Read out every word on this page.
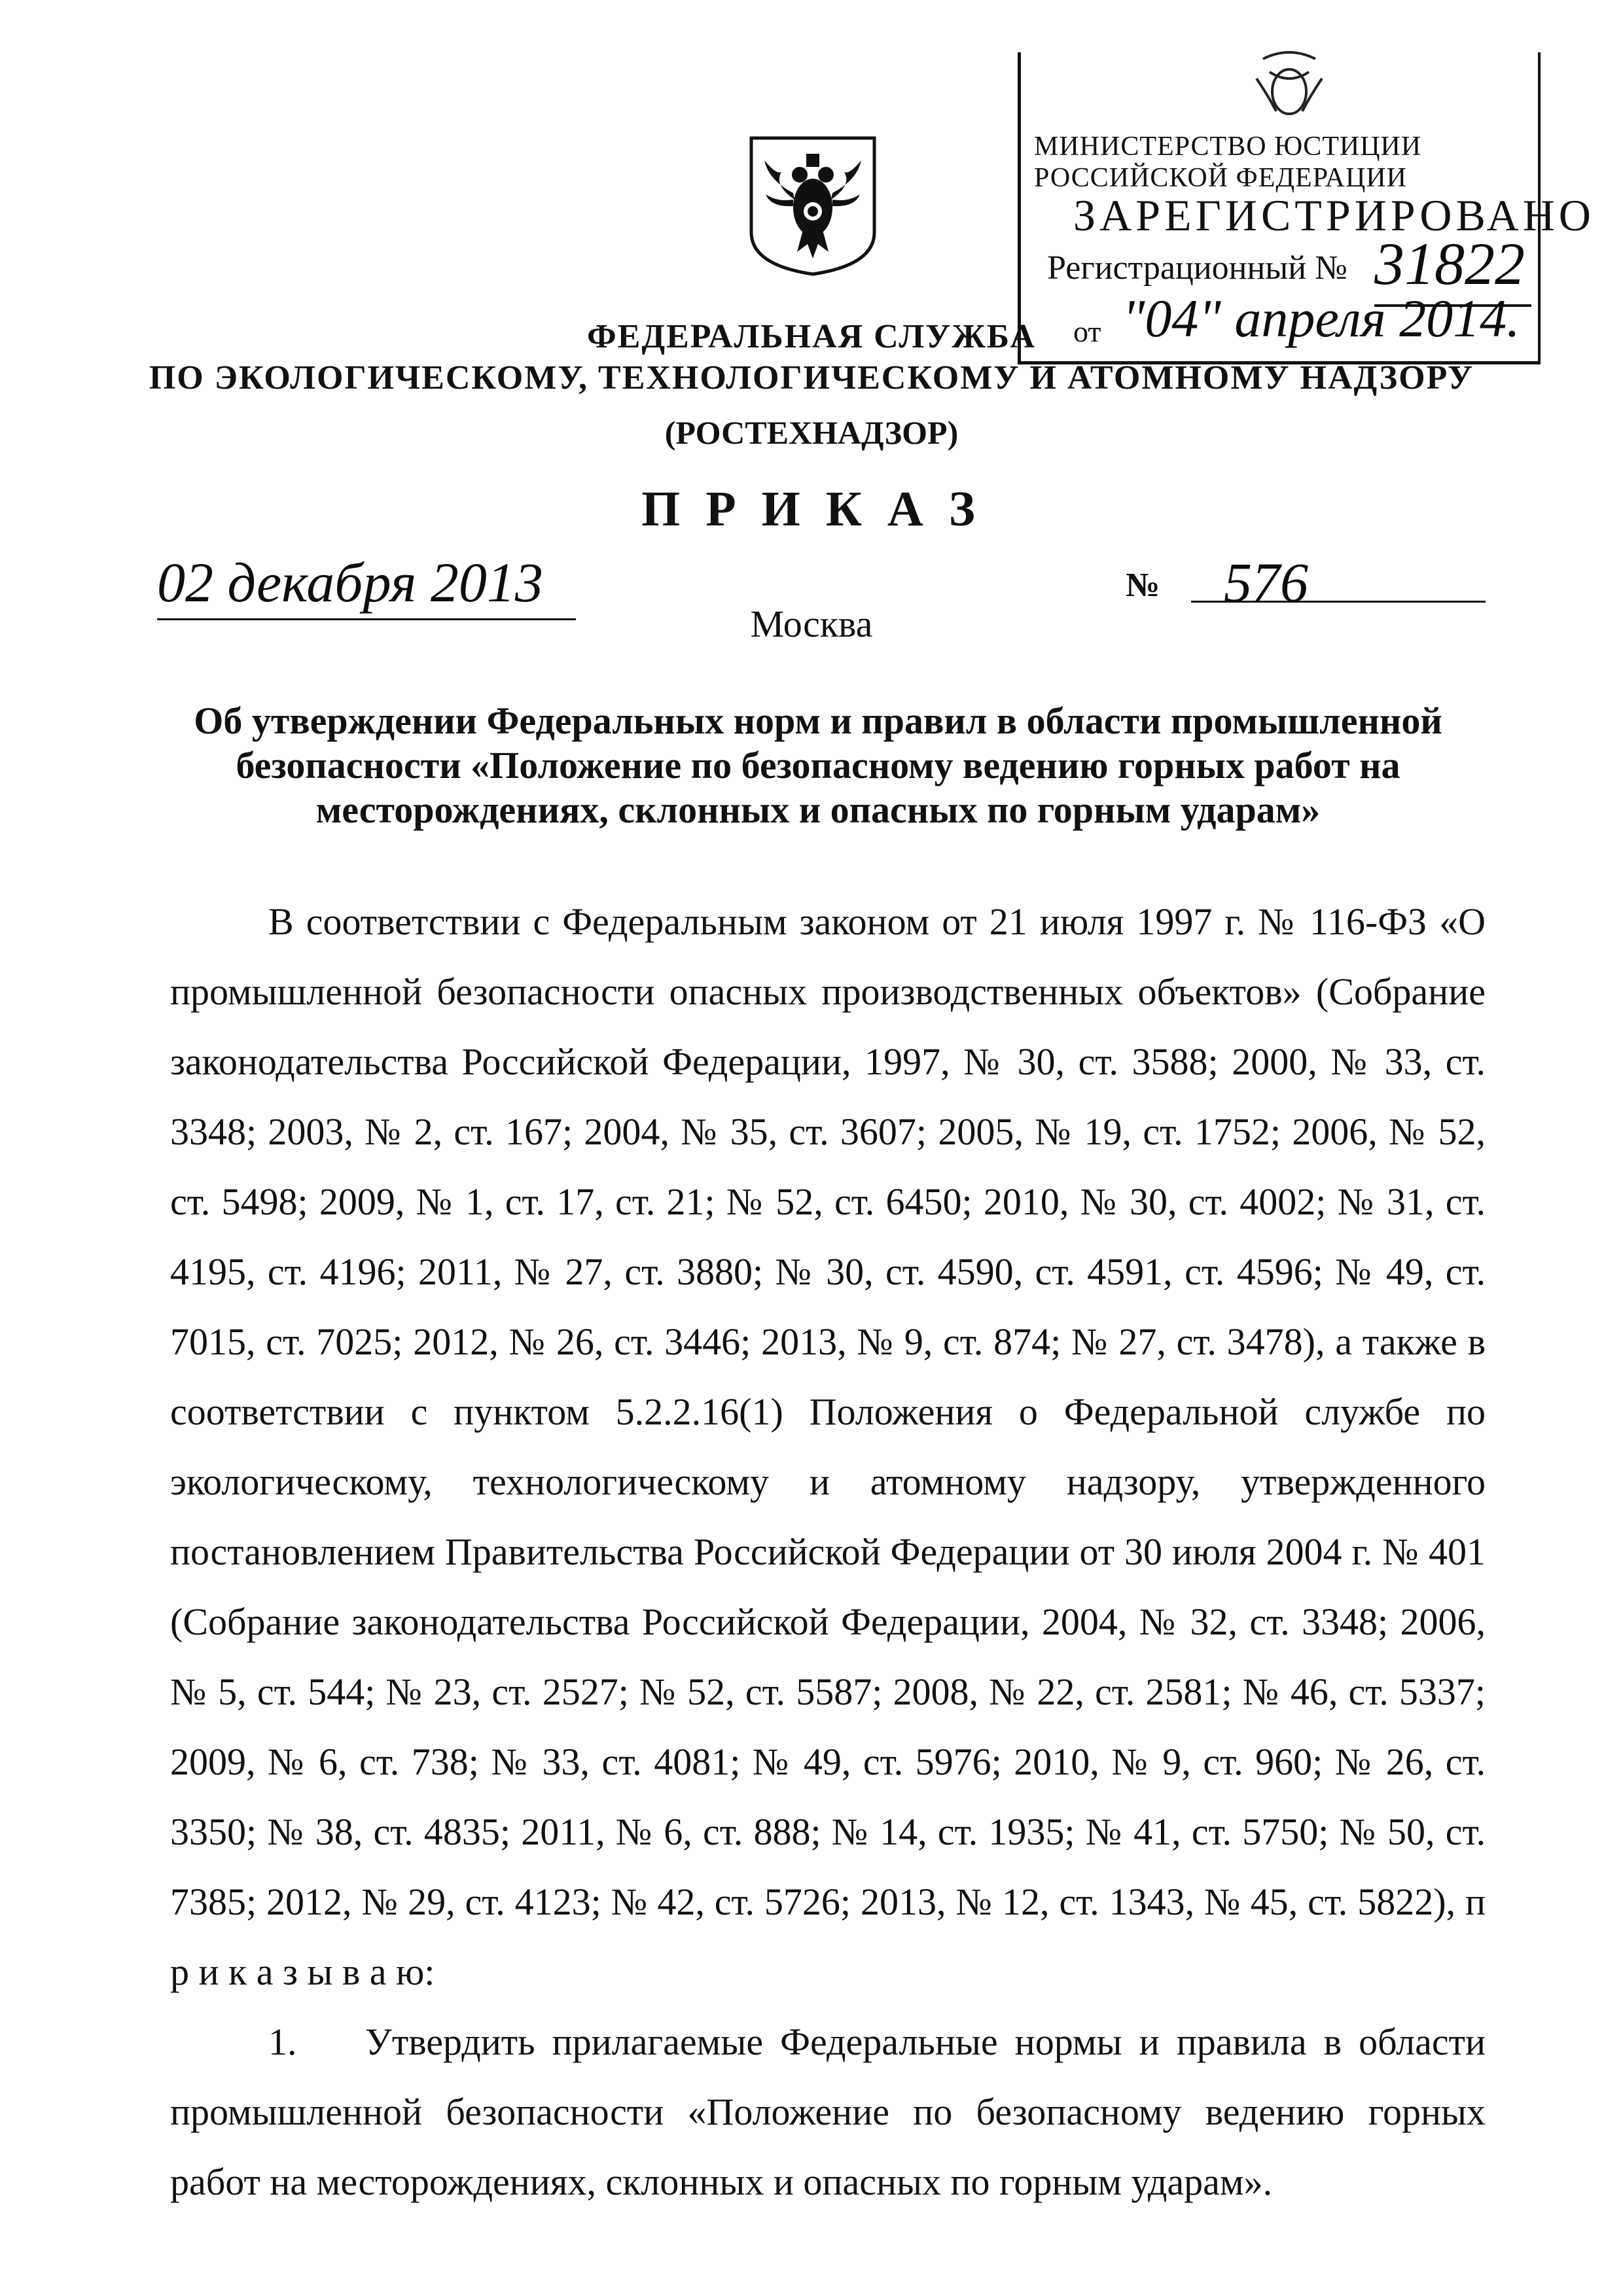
МИНИСТЕРСТВО ЮСТИЦИИ РОССИЙСКОЙ ФЕДЕРАЦИИ
ЗАРЕГИСТРИРОВАНО
Регистрационный № 31822
от "04" апреля 2014.
ФЕДЕРАЛЬНАЯ СЛУЖБА
ПО ЭКОЛОГИЧЕСКОМУ, ТЕХНОЛОГИЧЕСКОМУ И АТОМНОМУ НАДЗОРУ
(РОСТЕХНАДЗОР)
П Р И К А З
02 декабря 2013	№ 576
Москва
Об утверждении Федеральных норм и правил в области промышленной безопасности «Положение по безопасному ведению горных работ на месторождениях, склонных и опасных по горным ударам»

В соответствии с Федеральным законом от 21 июля 1997 г. № 116-ФЗ «О промышленной безопасности опасных производственных объектов» (Собрание законодательства Российской Федерации, 1997, № 30, ст. 3588; 2000, № 33, ст. 3348; 2003, № 2, ст. 167; 2004, № 35, ст. 3607; 2005, № 19, ст. 1752; 2006, № 52, ст. 5498; 2009, № 1, ст. 17, ст. 21; № 52, ст. 6450; 2010, № 30, ст. 4002; № 31, ст. 4195, ст. 4196; 2011, № 27, ст. 3880; № 30, ст. 4590, ст. 4591, ст. 4596; № 49, ст. 7015, ст. 7025; 2012, № 26, ст. 3446; 2013, № 9, ст. 874; № 27, ст. 3478), а также в соответствии с пунктом 5.2.2.16(1) Положения о Федеральной службе по экологическому, технологическому и атомному надзору, утвержденного постановлением Правительства Российской Федерации от 30 июля 2004 г. № 401 (Собрание законодательства Российской Федерации, 2004, № 32, ст. 3348; 2006, № 5, ст. 544; № 23, ст. 2527; № 52, ст. 5587; 2008, № 22, ст. 2581; № 46, ст. 5337; 2009, № 6, ст. 738; № 33, ст. 4081; № 49, ст. 5976; 2010, № 9, ст. 960; № 26, ст. 3350; № 38, ст. 4835; 2011, № 6, ст. 888; № 14, ст. 1935; № 41, ст. 5750; № 50, ст. 7385; 2012, № 29, ст. 4123; № 42, ст. 5726; 2013, № 12, ст. 1343, № 45, ст. 5822), п р и к а з ы в а ю:

1. Утвердить прилагаемые Федеральные нормы и правила в области промышленной безопасности «Положение по безопасному ведению горных работ на месторождениях, склонных и опасных по горным ударам».
